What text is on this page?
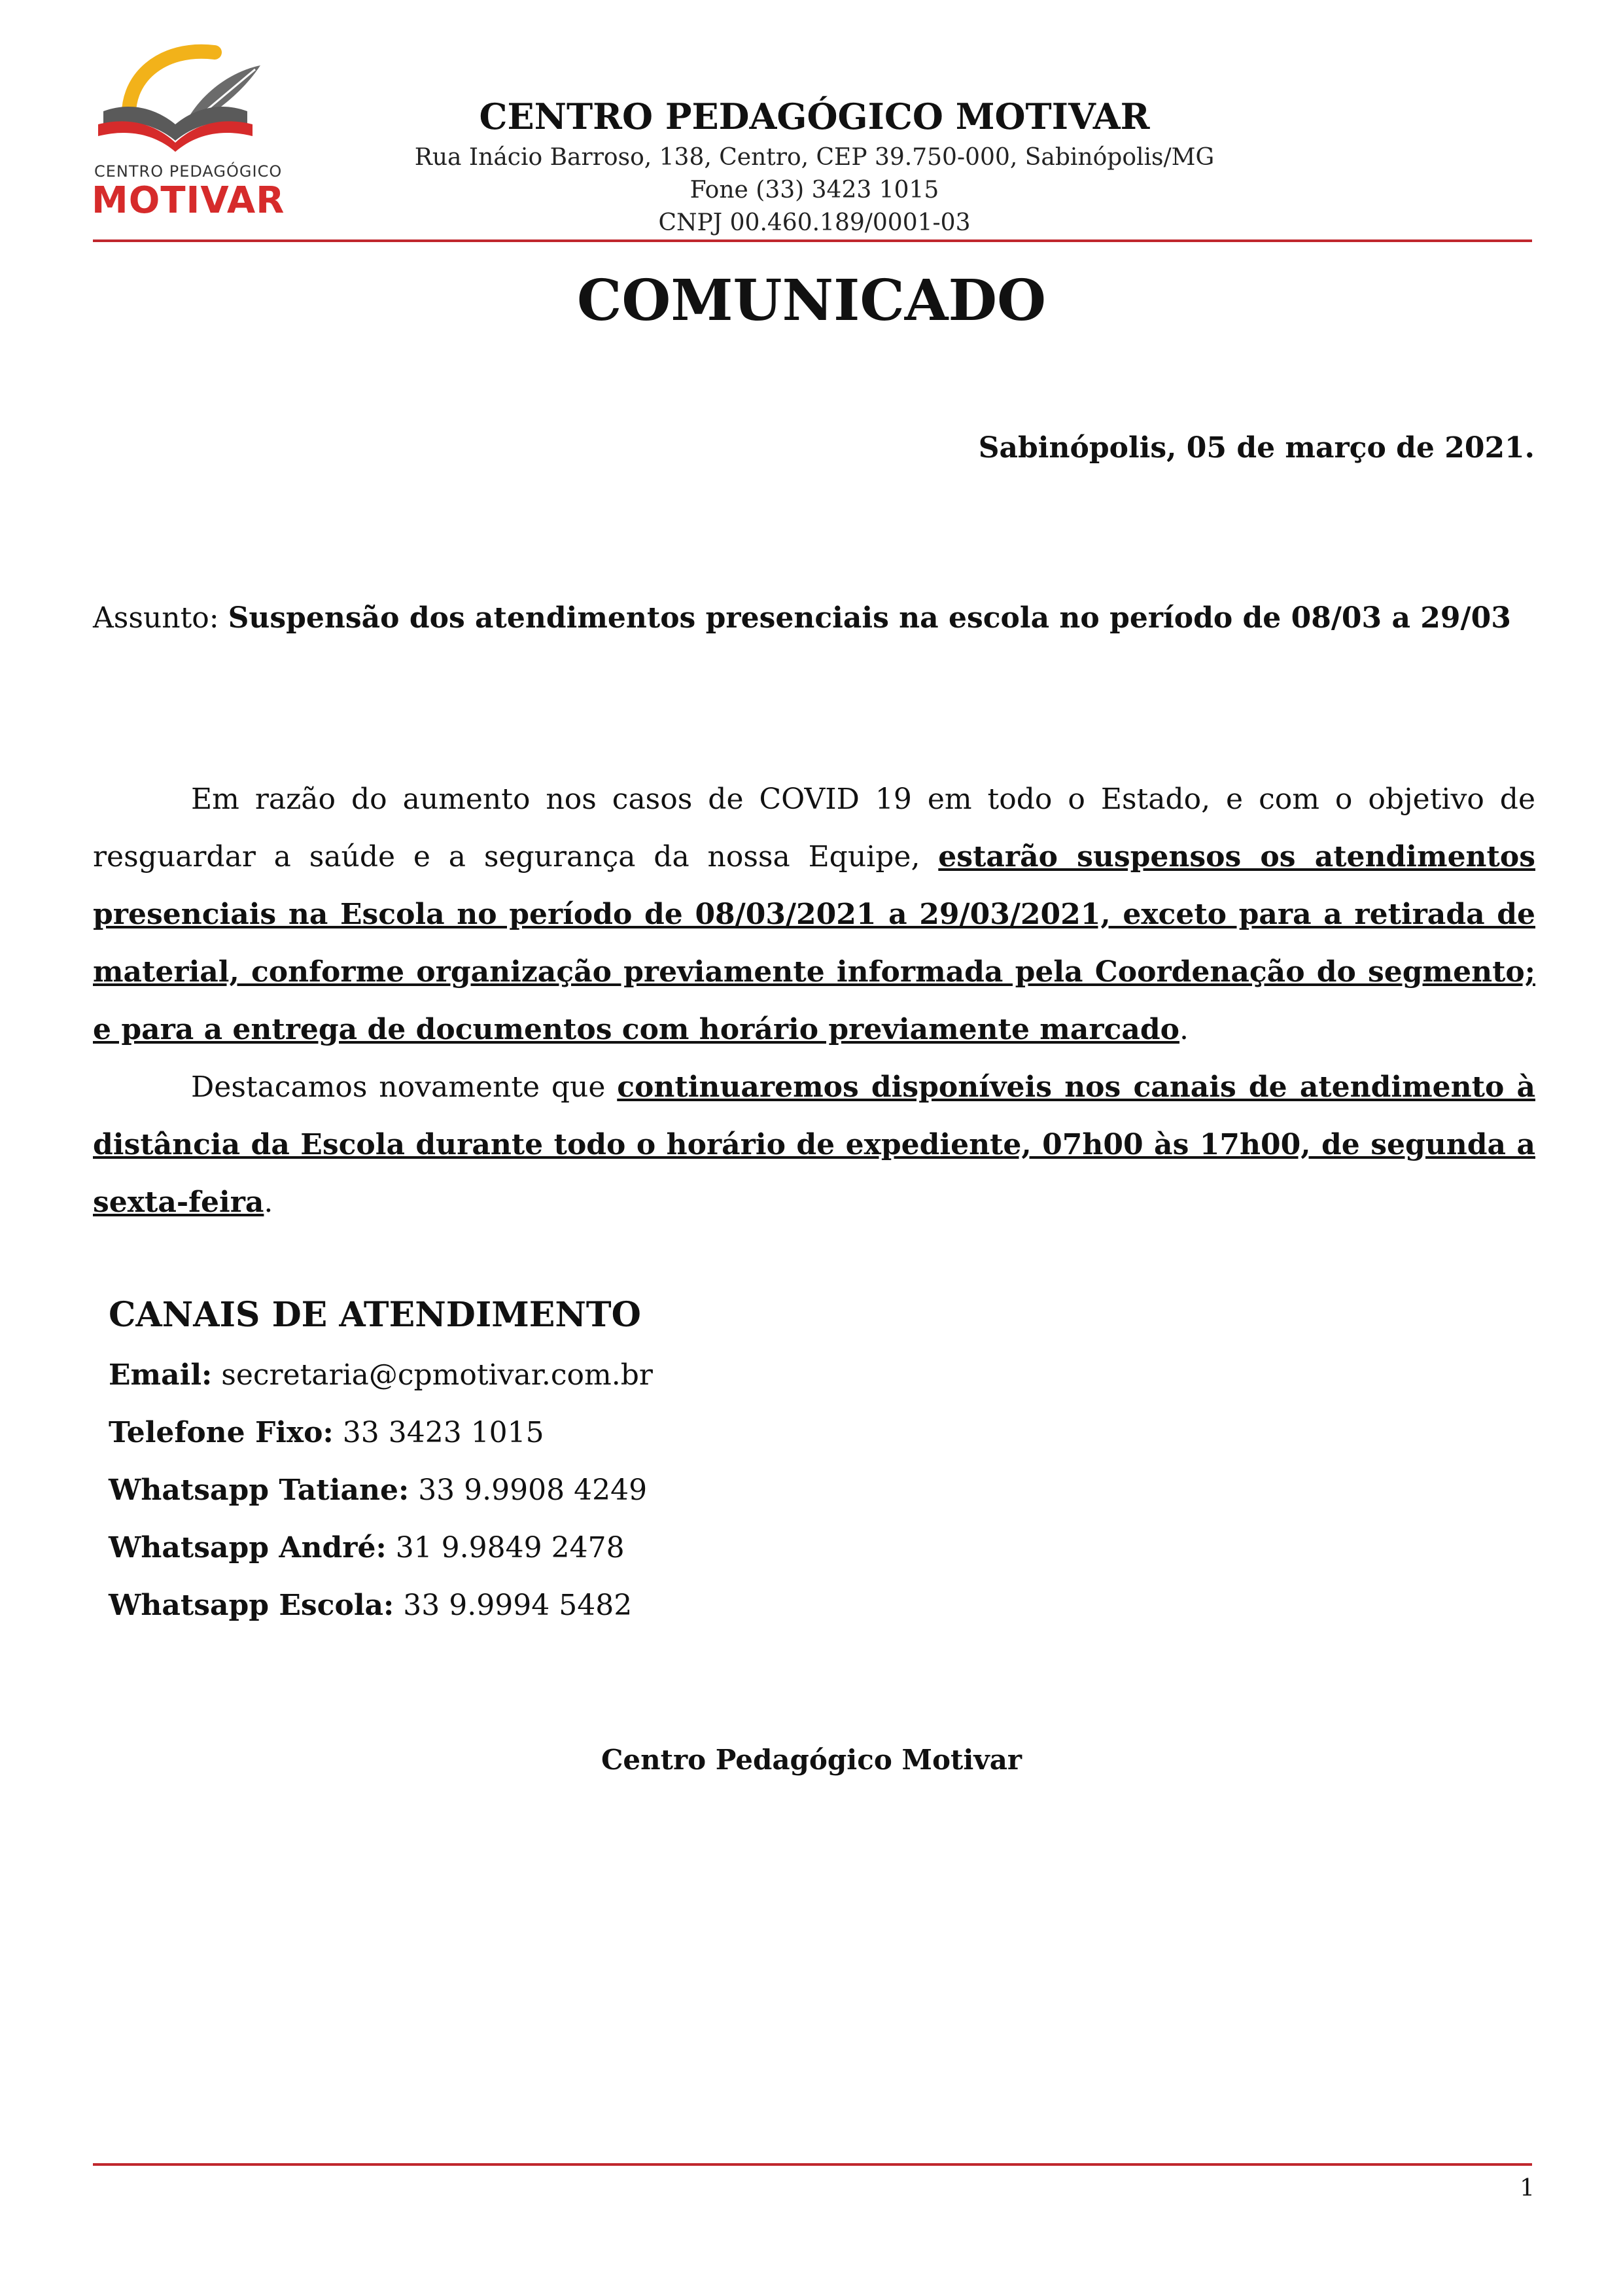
CENTRO PEDAGÓGICO
MOTIVAR
CENTRO PEDAGÓGICO MOTIVAR
Rua Inácio Barroso, 138, Centro, CEP 39.750-000, Sabinópolis/MG
Fone (33) 3423 1015
CNPJ 00.460.189/0001-03
COMUNICADO
Sabinópolis, 05 de março de 2021.
Assunto: Suspensão dos atendimentos presenciais na escola no período de 08/03 a 29/03

Em razão do aumento nos casos de COVID 19 em todo o Estado, e com o objetivo de resguardar a saúde e a segurança da nossa Equipe, estarão suspensos os atendimentos presenciais na Escola no período de 08/03/2021 a 29/03/2021, exceto para a retirada de material, conforme organização previamente informada pela Coordenação do segmento; e para a entrega de documentos com horário previamente marcado.

Destacamos novamente que continuaremos disponíveis nos canais de atendimento à distância da Escola durante todo o horário de expediente, 07h00 às 17h00, de segunda a sexta-feira.

CANAIS DE ATENDIMENTO
Email: secretaria@cpmotivar.com.br
Telefone Fixo: 33 3423 1015
Whatsapp Tatiane: 33 9.9908 4249
Whatsapp André: 31 9.9849 2478
Whatsapp Escola: 33 9.9994 5482
Centro Pedagógico Motivar
1
